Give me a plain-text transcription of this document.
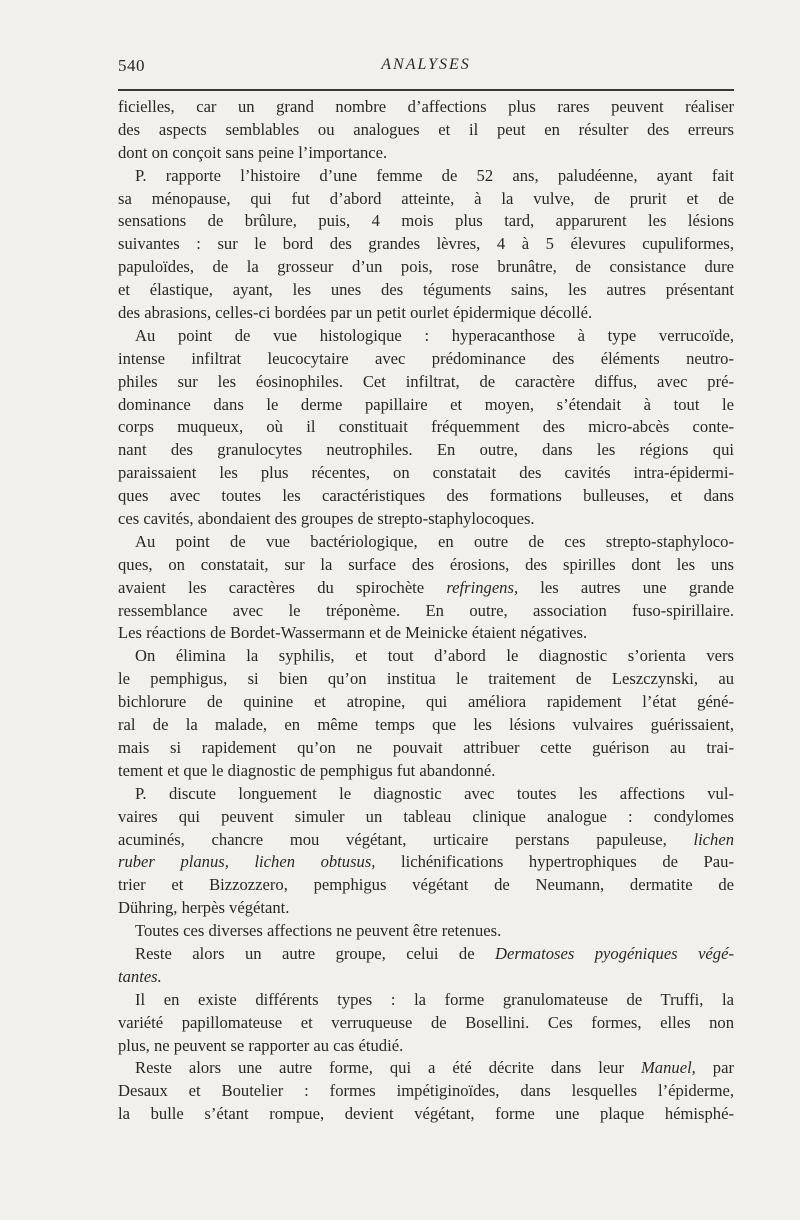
540	ANALYSES
ficielles, car un grand nombre d’affections plus rares peuvent réaliser
des aspects semblables ou analogues et il peut en résulter des erreurs
dont on conçoit sans peine l’importance.
P. rapporte l’histoire d’une femme de 52 ans, paludéenne, ayant fait
sa ménopause, qui fut d’abord atteinte, à la vulve, de prurit et de
sensations de brûlure, puis, 4 mois plus tard, apparurent les lésions
suivantes : sur le bord des grandes lèvres, 4 à 5 élevures cupuliformes,
papuloïdes, de la grosseur d’un pois, rose brunâtre, de consistance dure
et élastique, ayant, les unes des téguments sains, les autres présentant
des abrasions, celles-ci bordées par un petit ourlet épidermique décollé.
Au point de vue histologique : hyperacanthose à type verrucoïde,
intense infiltrat leucocytaire avec prédominance des éléments neutro-
philes sur les éosinophiles. Cet infiltrat, de caractère diffus, avec pré-
dominance dans le derme papillaire et moyen, s’étendait à tout le
corps muqueux, où il constituait fréquemment des micro-abcès conte-
nant des granulocytes neutrophiles. En outre, dans les régions qui
paraissaient les plus récentes, on constatait des cavités intra-épidermi-
ques avec toutes les caractéristiques des formations bulleuses, et dans
ces cavités, abondaient des groupes de strepto-staphylocoques.
Au point de vue bactériologique, en outre de ces strepto-staphyloco-
ques, on constatait, sur la surface des érosions, des spirilles dont les uns
avaient les caractères du spirochète refringens, les autres une grande
ressemblance avec le tréponème. En outre, association fuso-spirillaire.
Les réactions de Bordet-Wassermann et de Meinicke étaient négatives.
On élimina la syphilis, et tout d’abord le diagnostic s’orienta vers
le pemphigus, si bien qu’on institua le traitement de Leszczynski, au
bichlorure de quinine et atropine, qui améliora rapidement l’état géné-
ral de la malade, en même temps que les lésions vulvaires guérissaient,
mais si rapidement qu’on ne pouvait attribuer cette guérison au trai-
tement et que le diagnostic de pemphigus fut abandonné.
P. discute longuement le diagnostic avec toutes les affections vul-
vaires qui peuvent simuler un tableau clinique analogue : condylomes
acuminés, chancre mou végétant, urticaire perstans papuleuse, lichen
ruber planus, lichen obtusus, lichénifications hypertrophiques de Pau-
trier et Bizzozzero, pemphigus végétant de Neumann, dermatite de
Dühring, herpès végétant.
Toutes ces diverses affections ne peuvent être retenues.
Reste alors un autre groupe, celui de Dermatoses pyogéniques végé-
tantes.
Il en existe différents types : la forme granulomateuse de Truffi, la
variété papillomateuse et verruqueuse de Bosellini. Ces formes, elles non
plus, ne peuvent se rapporter au cas étudié.
Reste alors une autre forme, qui a été décrite dans leur Manuel, par
Desaux et Boutelier : formes impétiginoïdes, dans lesquelles l’épiderme,
la bulle s’étant rompue, devient végétant, forme une plaque hémisphé-
